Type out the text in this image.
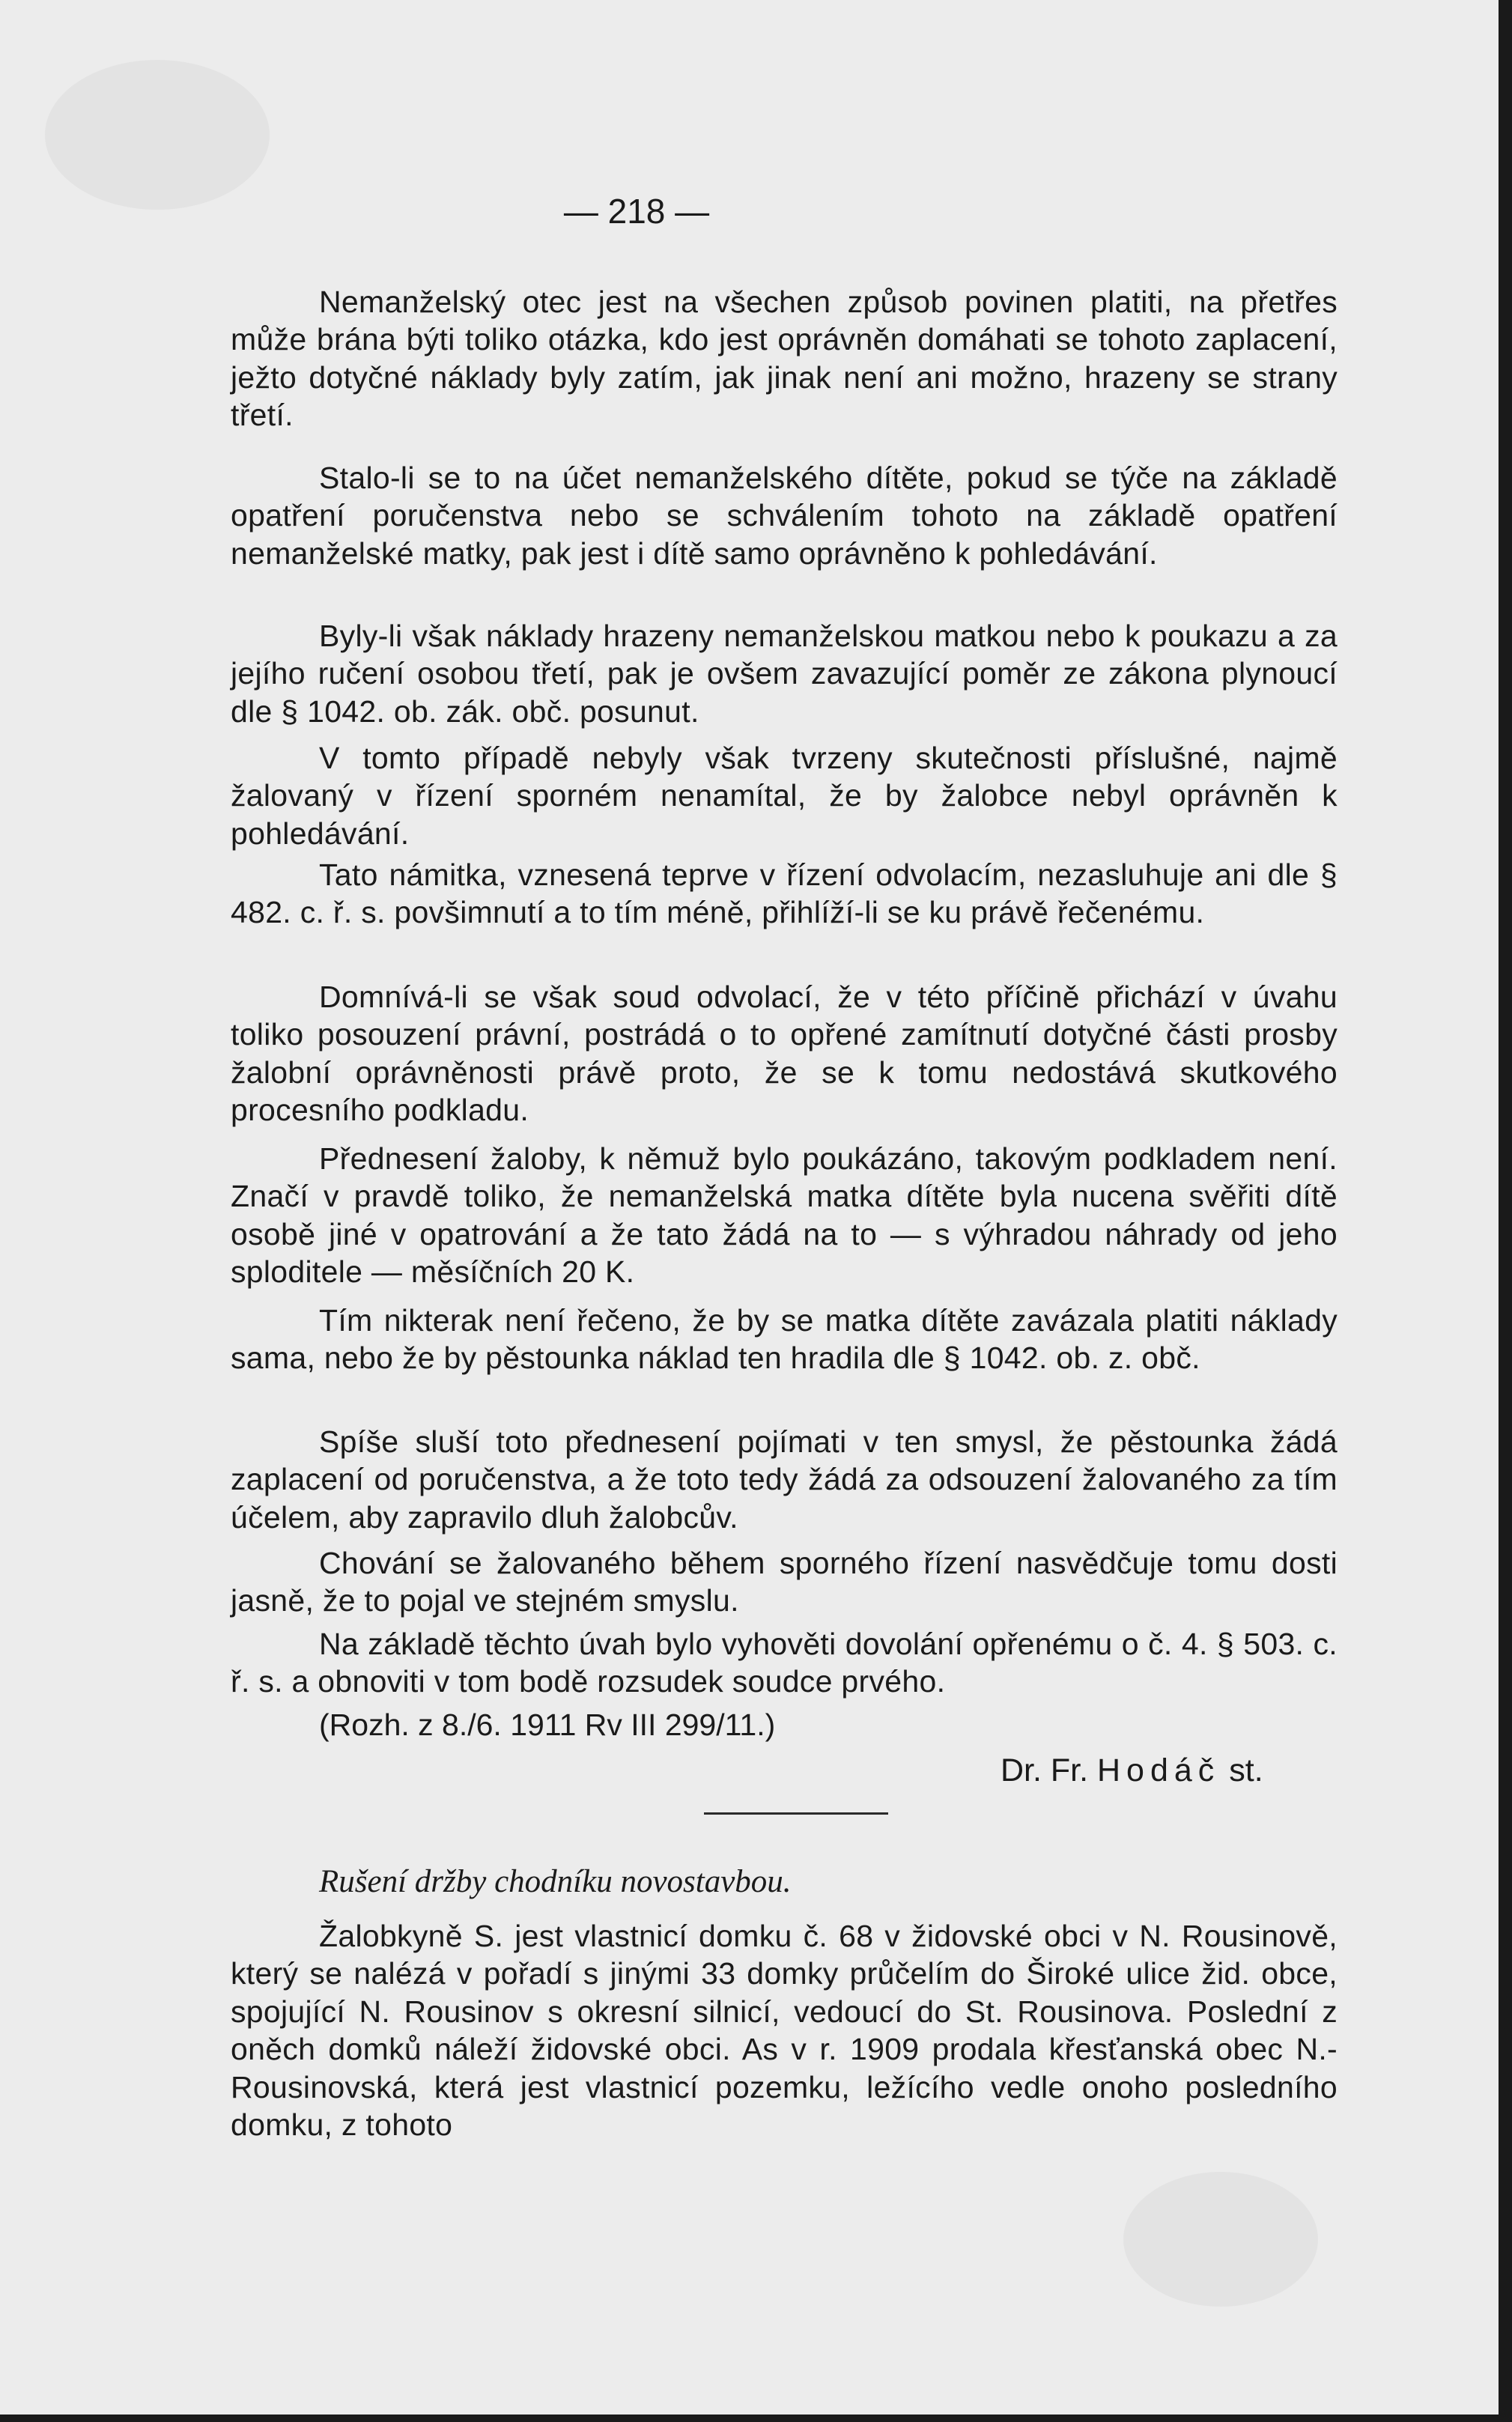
— 218 —

Nemanželský otec jest na všechen způsob povinen platiti, na přetřes může brána býti toliko otázka, kdo jest oprávněn domáhati se tohoto zaplacení, ježto dotyčné náklady byly zatím, jak jinak není ani možno, hrazeny se strany třetí.

Stalo-li se to na účet nemanželského dítěte, pokud se týče na základě opatření poručenstva nebo se schválením tohoto na základě opatření nemanželské matky, pak jest i dítě samo oprávněno k pohledávání.

Byly-li však náklady hrazeny nemanželskou matkou nebo k poukazu a za jejího ručení osobou třetí, pak je ovšem zavazující poměr ze zákona plynoucí dle § 1042. ob. zák. obč. posunut.

V tomto případě nebyly však tvrzeny skutečnosti příslušné, najmě žalovaný v řízení sporném nenamítal, že by žalobce nebyl oprávněn k pohledávání.

Tato námitka, vznesená teprve v řízení odvolacím, nezasluhuje ani dle § 482. c. ř. s. povšimnutí a to tím méně, přihlíží-li se ku právě řečenému.

Domnívá-li se však soud odvolací, že v této příčině přichází v úvahu toliko posouzení právní, postrádá o to opřené zamítnutí dotyčné části prosby žalobní oprávněnosti právě proto, že se k tomu nedostává skutkového procesního podkladu.

Přednesení žaloby, k němuž bylo poukázáno, takovým podkladem není. Značí v pravdě toliko, že nemanželská matka dítěte byla nucena svěřiti dítě osobě jiné v opatrování a že tato žádá na to — s výhradou náhrady od jeho sploditele — měsíčních 20 K.

Tím nikterak není řečeno, že by se matka dítěte zavázala platiti náklady sama, nebo že by pěstounka náklad ten hradila dle § 1042. ob. z. obč.

Spíše sluší toto přednesení pojímati v ten smysl, že pěstounka žádá zaplacení od poručenstva, a že toto tedy žádá za odsouzení žalovaného za tím účelem, aby zapravilo dluh žalobcův.

Chování se žalovaného během sporného řízení nasvědčuje tomu dosti jasně, že to pojal ve stejném smyslu.

Na základě těchto úvah bylo vyhověti dovolání opřenému o č. 4. § 503. c. ř. s. a obnoviti v tom bodě rozsudek soudce prvého.

(Rozh. z 8./6. 1911 Rv III 299/11.)
Dr. Fr. Hodáč st.
Rušení držby chodníku novostavbou.

Žalobkyně S. jest vlastnicí domku č. 68 v židovské obci v N. Rousinově, který se nalézá v pořadí s jinými 33 domky průčelím do Široké ulice žid. obce, spojující N. Rousinov s okresní silnicí, vedoucí do St. Rousinova. Poslední z oněch domků náleží židovské obci. As v r. 1909 prodala křesťanská obec N.-Rousinovská, která jest vlastnicí pozemku, ležícího vedle onoho posledního domku, z tohoto
